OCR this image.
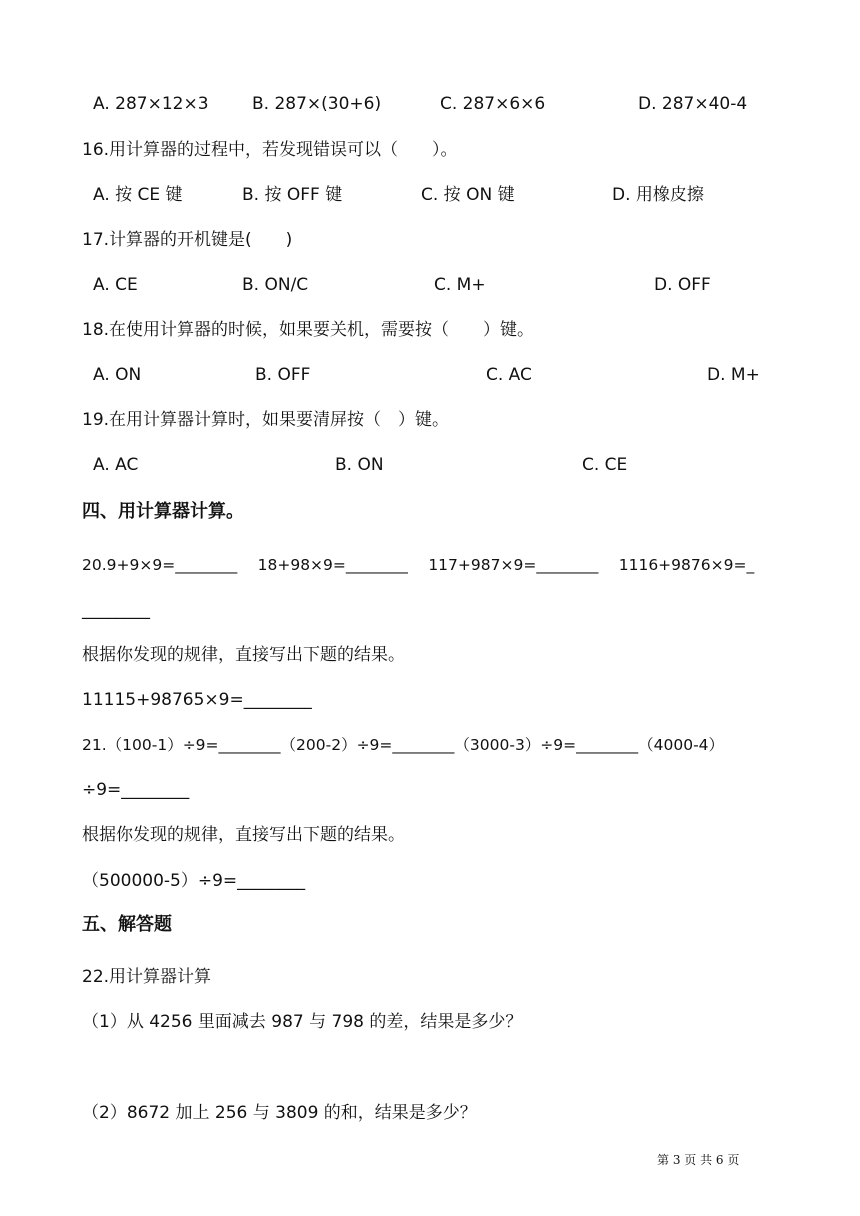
A. 287×12×3	B. 287×(30+6)	C. 287×6×6	D. 287×40-4
16.用计算器的过程中，若发现错误可以（　　）。
A. 按 CE 键	B. 按 OFF 键	C. 按 ON 键	D. 用橡皮擦
17.计算器的开机键是(　　)
A. CE	B. ON/C	C. M+	D. OFF
18.在使用计算器的时候，如果要关机，需要按（　　）键。
A. ON	B. OFF	C. AC	D. M+
19.在用计算器计算时，如果要清屏按（　）键。
A. AC	B. ON	C. CE
四、用计算器计算。
20.9+9×9=________　 18+98×9=________　 117+987×9=________　 1116+9876×9=_
________
根据你发现的规律，直接写出下题的结果。
11115+98765×9=________
21.（100-1）÷9=________（200-2）÷9=________（3000-3）÷9=________（4000-4）
÷9=________
根据你发现的规律，直接写出下题的结果。
（500000-5）÷9=________
五、解答题
22.用计算器计算
（1）从 4256 里面减去 987 与 798 的差，结果是多少？
（2）8672 加上 256 与 3809 的和，结果是多少？
第 3 页 共 6 页
